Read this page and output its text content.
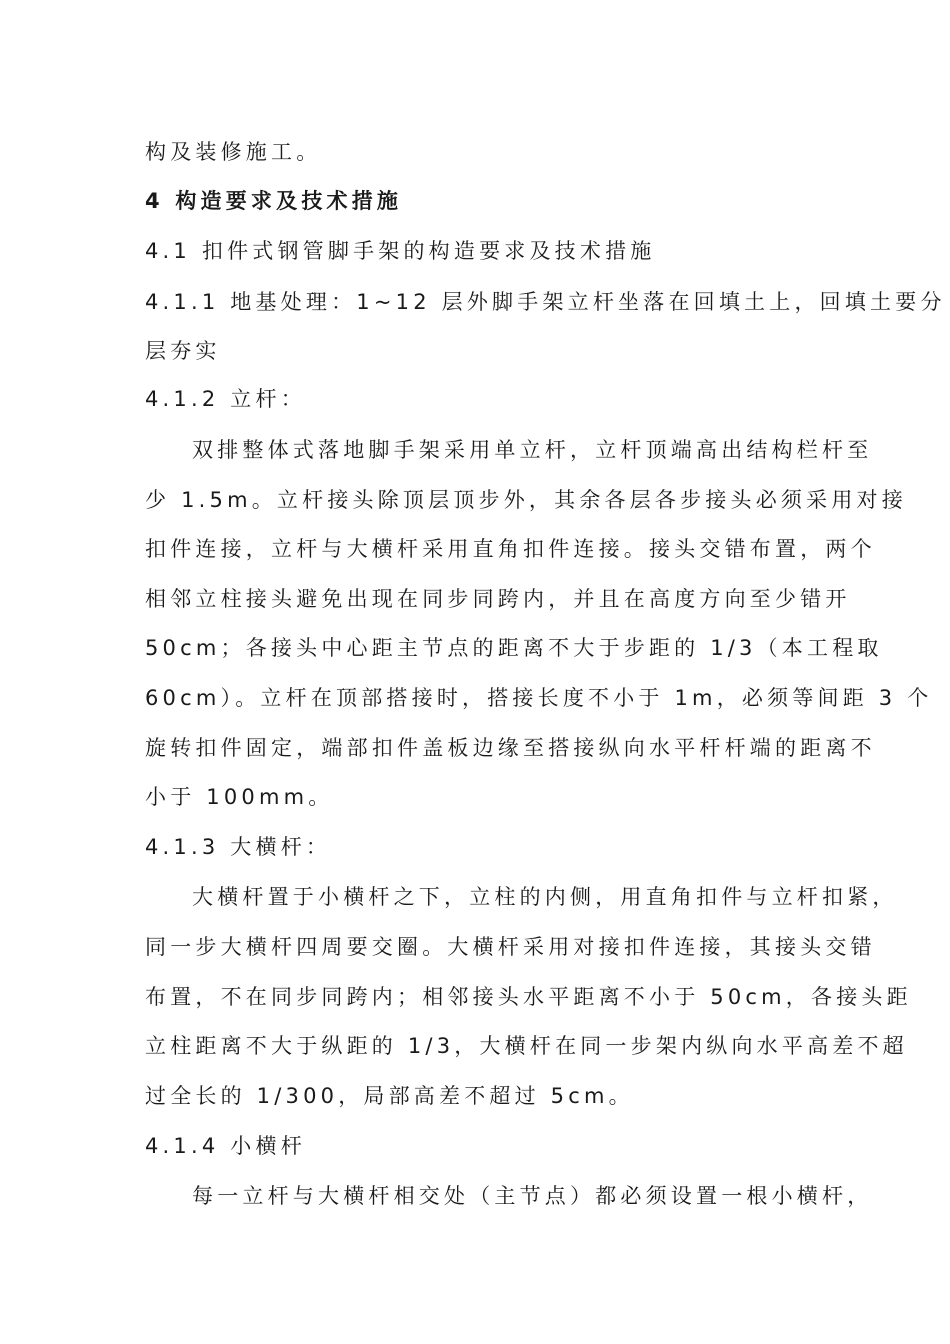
构及装修施工。
4 构造要求及技术措施
4.1 扣件式钢管脚手架的构造要求及技术措施
4.1.1 地基处理：1~12 层外脚手架立杆坐落在回填土上，回填土要分
层夯实
4.1.2 立杆：
双排整体式落地脚手架采用单立杆，立杆顶端高出结构栏杆至
少 1.5m。立杆接头除顶层顶步外，其余各层各步接头必须采用对接
扣件连接，立杆与大横杆采用直角扣件连接。接头交错布置，两个
相邻立柱接头避免出现在同步同跨内，并且在高度方向至少错开
50cm；各接头中心距主节点的距离不大于步距的 1/3（本工程取
60cm）。立杆在顶部搭接时，搭接长度不小于 1m，必须等间距 3 个
旋转扣件固定，端部扣件盖板边缘至搭接纵向水平杆杆端的距离不
小于 100mm。
4.1.3 大横杆：
大横杆置于小横杆之下，立柱的内侧，用直角扣件与立杆扣紧，
同一步大横杆四周要交圈。大横杆采用对接扣件连接，其接头交错
布置，不在同步同跨内；相邻接头水平距离不小于 50cm，各接头距
立柱距离不大于纵距的 1/3，大横杆在同一步架内纵向水平高差不超
过全长的 1/300，局部高差不超过 5cm。
4.1.4 小横杆
每一立杆与大横杆相交处（主节点）都必须设置一根小横杆，
